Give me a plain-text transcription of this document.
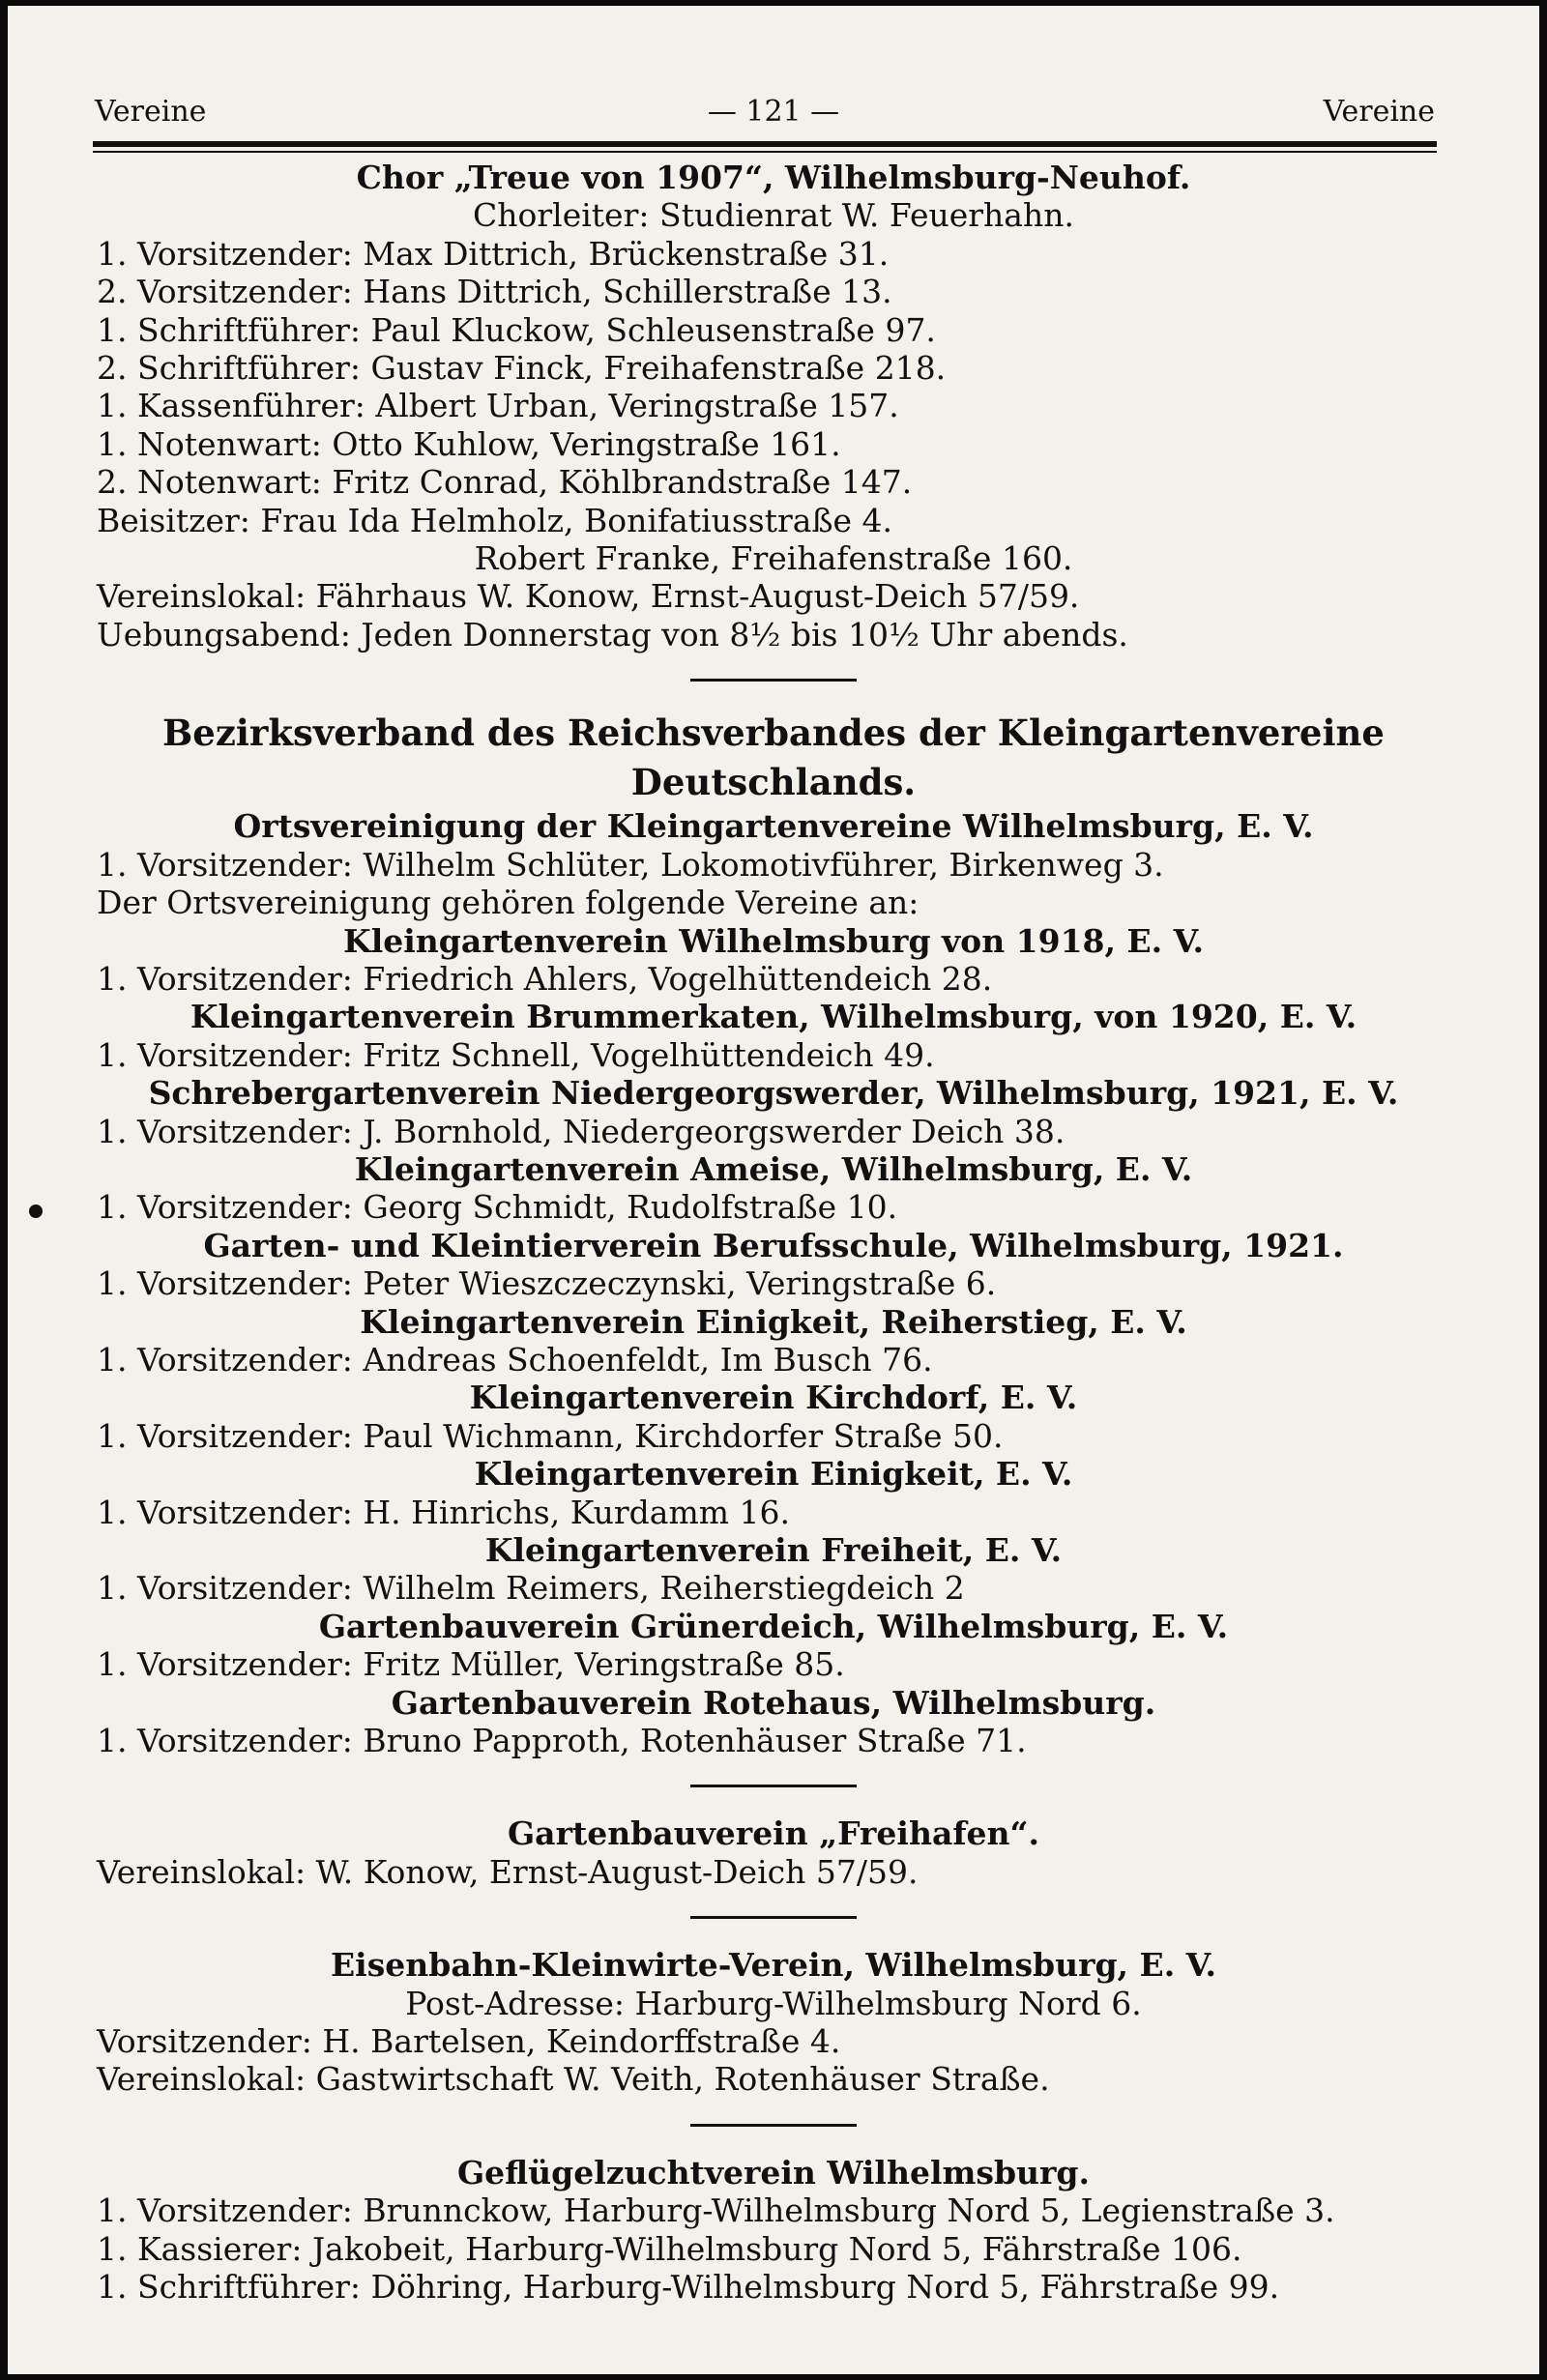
Vereine	— 121 —	Vereine

Chor „Treue von 1907“, Wilhelmsburg-Neuhof.

Chorleiter: Studienrat W. Feuerhahn.

1. Vorsitzender: Max Dittrich, Brückenstraße 31.

2. Vorsitzender: Hans Dittrich, Schillerstraße 13.

1. Schriftführer: Paul Kluckow, Schleusenstraße 97.

2. Schriftführer: Gustav Finck, Freihafenstraße 218.

1. Kassenführer: Albert Urban, Veringstraße 157.

1. Notenwart: Otto Kuhlow, Veringstraße 161.

2. Notenwart: Fritz Conrad, Köhlbrandstraße 147.

Beisitzer: Frau Ida Helmholz, Bonifatiusstraße 4.

Robert Franke, Freihafenstraße 160.

Vereinslokal: Fährhaus W. Konow, Ernst-August-Deich 57/59.

Uebungsabend: Jeden Donnerstag von 8½ bis 10½ Uhr abends.

Bezirksverband des Reichsverbandes der Kleingartenvereine

Deutschlands.

Ortsvereinigung der Kleingartenvereine Wilhelmsburg, E. V.

1. Vorsitzender: Wilhelm Schlüter, Lokomotivführer, Birkenweg 3.

Der Ortsvereinigung gehören folgende Vereine an:

Kleingartenverein Wilhelmsburg von 1918, E. V.

1. Vorsitzender: Friedrich Ahlers, Vogelhüttendeich 28.

Kleingartenverein Brummerkaten, Wilhelmsburg, von 1920, E. V.

1. Vorsitzender: Fritz Schnell, Vogelhüttendeich 49.

Schrebergartenverein Niedergeorgswerder, Wilhelmsburg, 1921, E. V.

1. Vorsitzender: J. Bornhold, Niedergeorgswerder Deich 38.

Kleingartenverein Ameise, Wilhelmsburg, E. V.

1. Vorsitzender: Georg Schmidt, Rudolfstraße 10.

Garten- und Kleintierverein Berufsschule, Wilhelmsburg, 1921.

1. Vorsitzender: Peter Wieszczeczynski, Veringstraße 6.

Kleingartenverein Einigkeit, Reiherstieg, E. V.

1. Vorsitzender: Andreas Schoenfeldt, Im Busch 76.

Kleingartenverein Kirchdorf, E. V.

1. Vorsitzender: Paul Wichmann, Kirchdorfer Straße 50.

Kleingartenverein Einigkeit, E. V.

1. Vorsitzender: H. Hinrichs, Kurdamm 16.

Kleingartenverein Freiheit, E. V.

1. Vorsitzender: Wilhelm Reimers, Reiherstiegdeich 2

Gartenbauverein Grünerdeich, Wilhelmsburg, E. V.

1. Vorsitzender: Fritz Müller, Veringstraße 85.

Gartenbauverein Rotehaus, Wilhelmsburg.

1. Vorsitzender: Bruno Papproth, Rotenhäuser Straße 71.

Gartenbauverein „Freihafen“.

Vereinslokal: W. Konow, Ernst-August-Deich 57/59.

Eisenbahn-Kleinwirte-Verein, Wilhelmsburg, E. V.

Post-Adresse: Harburg-Wilhelmsburg Nord 6.

Vorsitzender: H. Bartelsen, Keindorffstraße 4.

Vereinslokal: Gastwirtschaft W. Veith, Rotenhäuser Straße.

Geflügelzuchtverein Wilhelmsburg.

1. Vorsitzender: Brunnckow, Harburg-Wilhelmsburg Nord 5, Legienstraße 3.

1. Kassierer: Jakobeit, Harburg-Wilhelmsburg Nord 5, Fährstraße 106.

1. Schriftführer: Döhring, Harburg-Wilhelmsburg Nord 5, Fährstraße 99.
